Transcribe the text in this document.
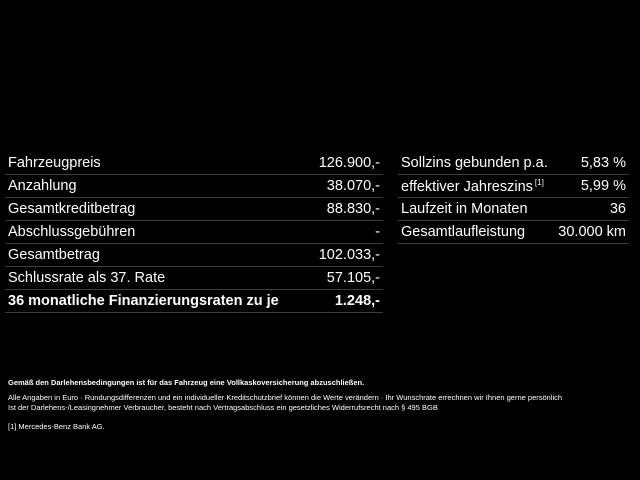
Fahrzeugpreis	126.900,-
Anzahlung	38.070,-
Gesamtkreditbetrag	88.830,-
Abschlussgebühren	-
Gesamtbetrag	102.033,-
Schlussrate als 37. Rate	57.105,-
36 monatliche Finanzierungsraten zu je	1.248,-
Sollzins gebunden p.a. 5,83 %
effektiver Jahreszins [1]	5,99 %
Laufzeit in Monaten	36
Gesamtlaufleistung 30.000 km
Gemäß den Darlehensbedingungen ist für das Fahrzeug eine Vollkaskoversicherung abzuschließen.
Alle Angaben in Euro · Rundungsdifferenzen und ein individueller Kreditschutzbrief können die Werte verändern · Ihr Wunschrate errechnen wir Ihnen gerne persönlich
Ist der Darlehens-/Leasingnehmer Verbraucher, besteht nach Vertragsabschluss ein gesetzliches Widerrufsrecht nach § 495 BGB
[1] Mercedes-Benz Bank AG.
